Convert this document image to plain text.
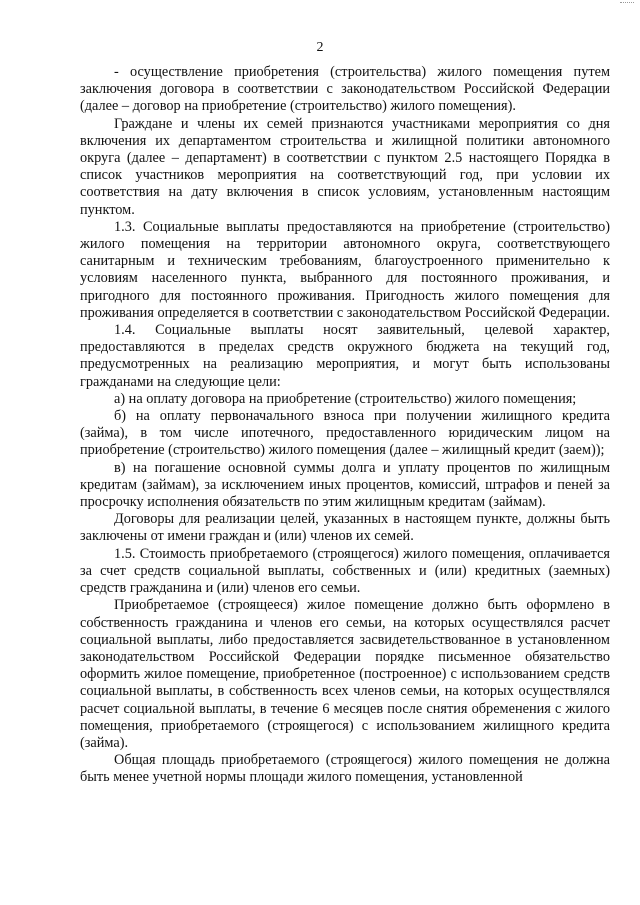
2

- осуществление приобретения (строительства) жилого помещения путем заключения договора в соответствии с законодательством Российской Федерации (далее – договор на приобретение (строительство) жилого помещения).

Граждане и члены их семей признаются участниками мероприятия со дня включения их департаментом строительства и жилищной политики автономного округа (далее – департамент) в соответствии с пунктом 2.5 настоящего Порядка в список участников мероприятия на соответствующий год, при условии их соответствия на дату включения в список условиям, установленным настоящим пунктом.

1.3. Социальные выплаты предоставляются на приобретение (строительство) жилого помещения на территории автономного округа, соответствующего санитарным и техническим требованиям, благоустроенного применительно к условиям населенного пункта, выбранного для постоянного проживания, и пригодного для постоянного проживания. Пригодность жилого помещения для проживания определяется в соответствии с законодательством Российской Федерации.

1.4. Социальные выплаты носят заявительный, целевой характер, предоставляются в пределах средств окружного бюджета на текущий год, предусмотренных на реализацию мероприятия, и могут быть использованы гражданами на следующие цели:

а) на оплату договора на приобретение (строительство) жилого помещения;

б) на оплату первоначального взноса при получении жилищного кредита (займа), в том числе ипотечного, предоставленного юридическим лицом на приобретение (строительство) жилого помещения (далее – жилищный кредит (заем));

в) на погашение основной суммы долга и уплату процентов по жилищным кредитам (займам), за исключением иных процентов, комиссий, штрафов и пеней за просрочку исполнения обязательств по этим жилищным кредитам (займам).

Договоры для реализации целей, указанных в настоящем пункте, должны быть заключены от имени граждан и (или) членов их семей.

1.5. Стоимость приобретаемого (строящегося) жилого помещения, оплачивается за счет средств социальной выплаты, собственных и (или) кредитных (заемных) средств гражданина и (или) членов его семьи.

Приобретаемое (строящееся) жилое помещение должно быть оформлено в собственность гражданина и членов его семьи, на которых осуществлялся расчет социальной выплаты, либо предоставляется засвидетельствованное в установленном законодательством Российской Федерации порядке письменное обязательство оформить жилое помещение, приобретенное (построенное) с использованием средств социальной выплаты, в собственность всех членов семьи, на которых осуществлялся расчет социальной выплаты, в течение 6 месяцев после снятия обременения с жилого помещения, приобретаемого (строящегося) с использованием жилищного кредита (займа).

Общая площадь приобретаемого (строящегося) жилого помещения не должна быть менее учетной нормы площади жилого помещения, установленной
